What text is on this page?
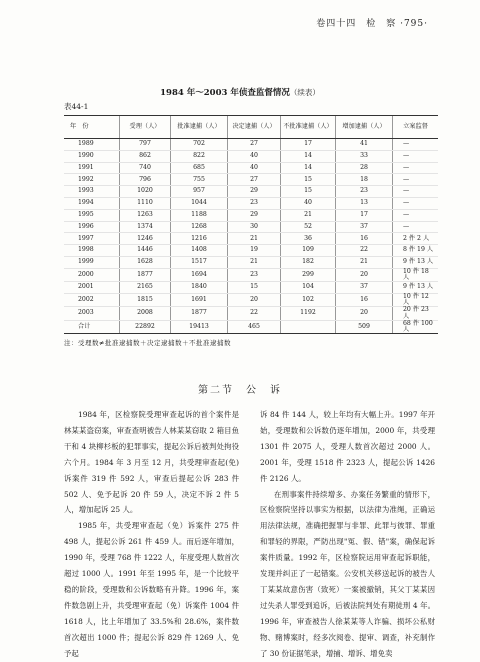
卷四十四　检　察 ·795·
1984 年～2003 年侦查监督情况（续表）
表44-1
年　份	受理（人）	批准逮捕（人）	决定逮捕（人）	不批准逮捕（人）	增加逮捕（人）	立案监督
1989	797	702	27	17	41	—
1990	862	822	40	14	33	—
1991	740	685	40	14	28	—
1992	796	755	27	15	18	—
1993	1020	957	29	15	23	—
1994	1110	1044	23	40	13	—
1995	1263	1188	29	21	17	—
1996	1374	1268	30	52	37	—
1997	1246	1216	21	36	16	2 件 2 人
1998	1446	1408	19	109	22	8 件 19 人
1999	1628	1517	21	182	21	9 件 13 人
2000	1877	1694	23	299	20	10 件 18 人
2001	2165	1840	15	104	37	9 件 13 人
2002	1815	1691	20	102	16	10 件 12 人
2003	2008	1877	22	1192	20	20 件 23 人
合计	22892	19413	465		509	68 件 100 人
注：受理数≠批准逮捕数＋决定逮捕数＋不批准逮捕数
第二节　公　诉

1984 年，区检察院受理审查起诉的首个案件是林某某盗窃案，审查查明被告人林某某窃取 2 箱目鱼干和 4 块柳杉板的犯罪事实，提起公诉后被判处拘役六个月。1984 年 3 月至 12 月，共受理审查起(免)诉案件 319 件 592 人，审查后提起公诉 283 件 502 人、免予起诉 20 件 59 人，决定不诉 2 件 5 人，增加起诉 25 人。

1985 年，共受理审查起（免）诉案件 275 件 498 人，提起公诉 261 件 459 人。而后逐年增加，1990 年，受理 768 件 1222 人，年度受理人数首次超过 1000 人。1991 年至 1995 年，是一个比较平稳的阶段，受理数和公诉数略有升降。1996 年，案件数急剧上升，共受理审查起（免）诉案件 1004 件 1618 人，比上年增加了 33.5%和 28.6%，案件数首次超出 1000 件；提起公诉 829 件 1269 人、免予起

诉 84 件 144 人，较上年均有大幅上升。1997 年开始，受理数和公诉数仍逐年增加，2000 年，共受理 1301 件 2075 人，受理人数首次超过 2000 人。2001 年，受理 1518 件 2323 人，提起公诉 1426 件 2126 人。

在刑事案件持续增多、办案任务繁重的情形下，区检察院坚持以事实为根据，以法律为准绳，正确运用法律法规，准确把握罪与非罪、此罪与彼罪、罪重和罪轻的界限，严防出现"冤、假、错"案，确保起诉案件质量。1992 年，区检察院运用审查起诉职能，发现并纠正了一起错案。公安机关移送起诉的被告人丁某某故意伤害（致死）一案被撤销，其父丁某某因过失杀人罪受到追诉，后被法院判处有期徒刑 4 年。1996 年，审查被告人徐某某等人诈骗、损坏公私财物、赌博案时，经多次阅卷、提审、调查，补充制作了 30 份证据笔录，增捕、增诉、增免卖
